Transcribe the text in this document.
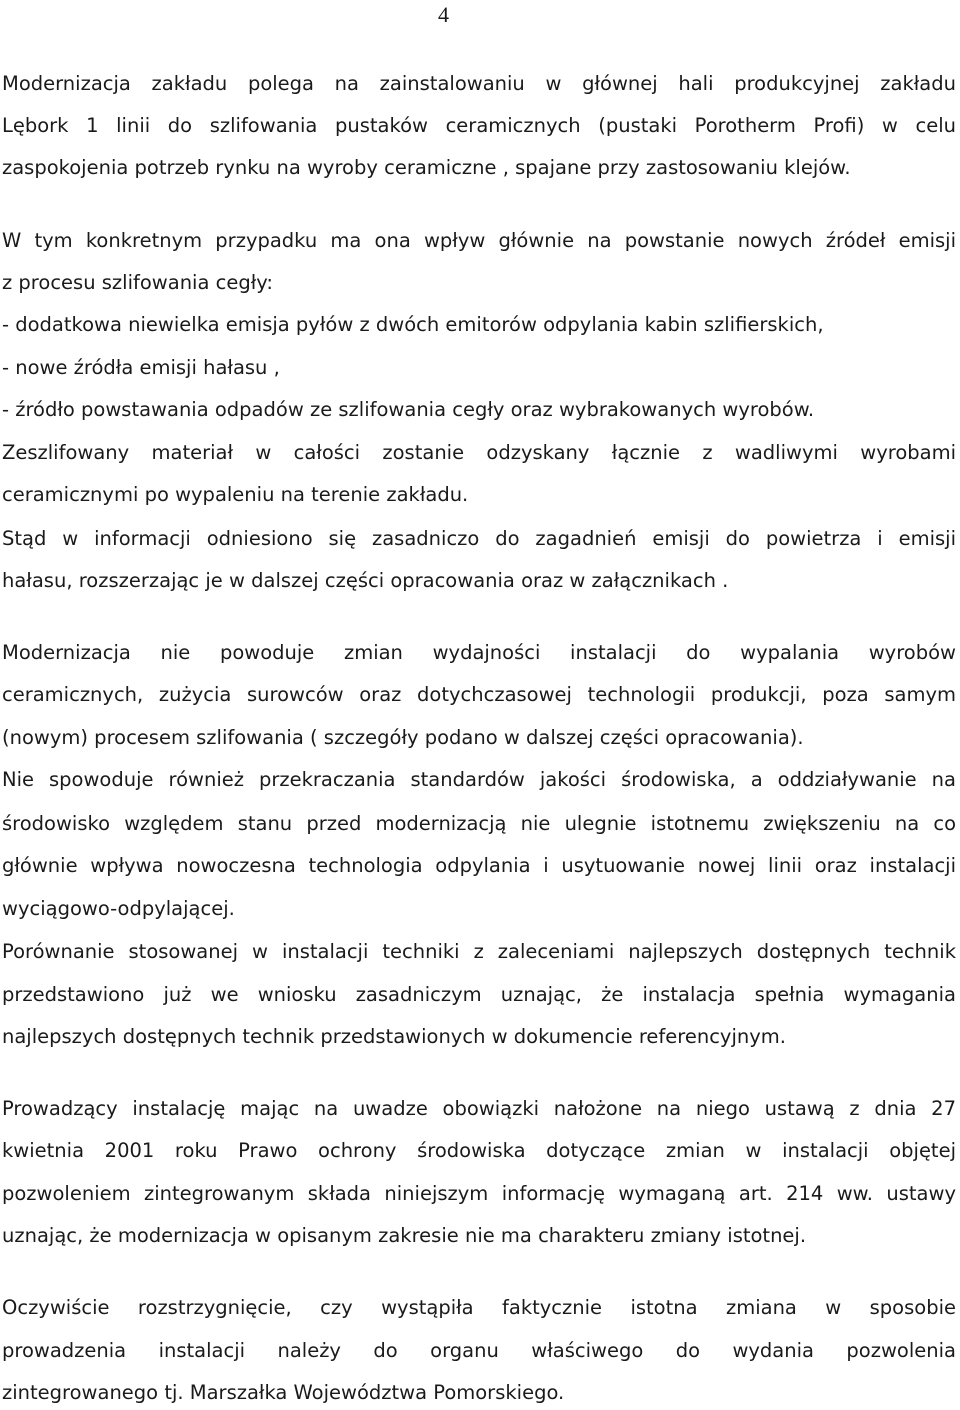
4
Modernizacja zakładu polega na zainstalowaniu w głównej hali produkcyjnej zakładu
Lębork 1 linii do szlifowania pustaków ceramicznych (pustaki Porotherm Profi) w celu
zaspokojenia potrzeb rynku na wyroby ceramiczne , spajane przy zastosowaniu klejów.
W tym konkretnym przypadku ma ona wpływ głównie na powstanie nowych źródeł emisji
z procesu szlifowania cegły:
- dodatkowa niewielka emisja pyłów z dwóch emitorów odpylania kabin szlifierskich,
- nowe źródła emisji hałasu ,
- źródło powstawania odpadów ze szlifowania cegły oraz wybrakowanych wyrobów.
Zeszlifowany materiał w całości zostanie odzyskany łącznie z wadliwymi wyrobami
ceramicznymi po wypaleniu na terenie zakładu.
Stąd w informacji odniesiono się zasadniczo do zagadnień emisji do powietrza i emisji
hałasu, rozszerzając je w dalszej części opracowania oraz w załącznikach .
Modernizacja nie powoduje zmian wydajności instalacji do wypalania wyrobów
ceramicznych, zużycia surowców oraz dotychczasowej technologii produkcji, poza samym
(nowym) procesem szlifowania ( szczegóły podano w dalszej części opracowania).
Nie spowoduje również przekraczania standardów jakości środowiska, a oddziaływanie na
środowisko względem stanu przed modernizacją nie ulegnie istotnemu zwiększeniu na co
głównie wpływa nowoczesna technologia odpylania i usytuowanie nowej linii oraz instalacji
wyciągowo-odpylającej.
Porównanie stosowanej w instalacji techniki z zaleceniami najlepszych dostępnych technik
przedstawiono już we wniosku zasadniczym uznając, że instalacja spełnia wymagania
najlepszych dostępnych technik przedstawionych w dokumencie referencyjnym.
Prowadzący instalację mając na uwadze obowiązki nałożone na niego ustawą z dnia 27
kwietnia 2001 roku Prawo ochrony środowiska dotyczące zmian w instalacji objętej
pozwoleniem zintegrowanym składa niniejszym informację wymaganą art. 214 ww. ustawy
uznając, że modernizacja w opisanym zakresie nie ma charakteru zmiany istotnej.
Oczywiście rozstrzygnięcie, czy wystąpiła faktycznie istotna zmiana w sposobie
prowadzenia instalacji należy do organu właściwego do wydania pozwolenia
zintegrowanego tj. Marszałka Województwa Pomorskiego.
